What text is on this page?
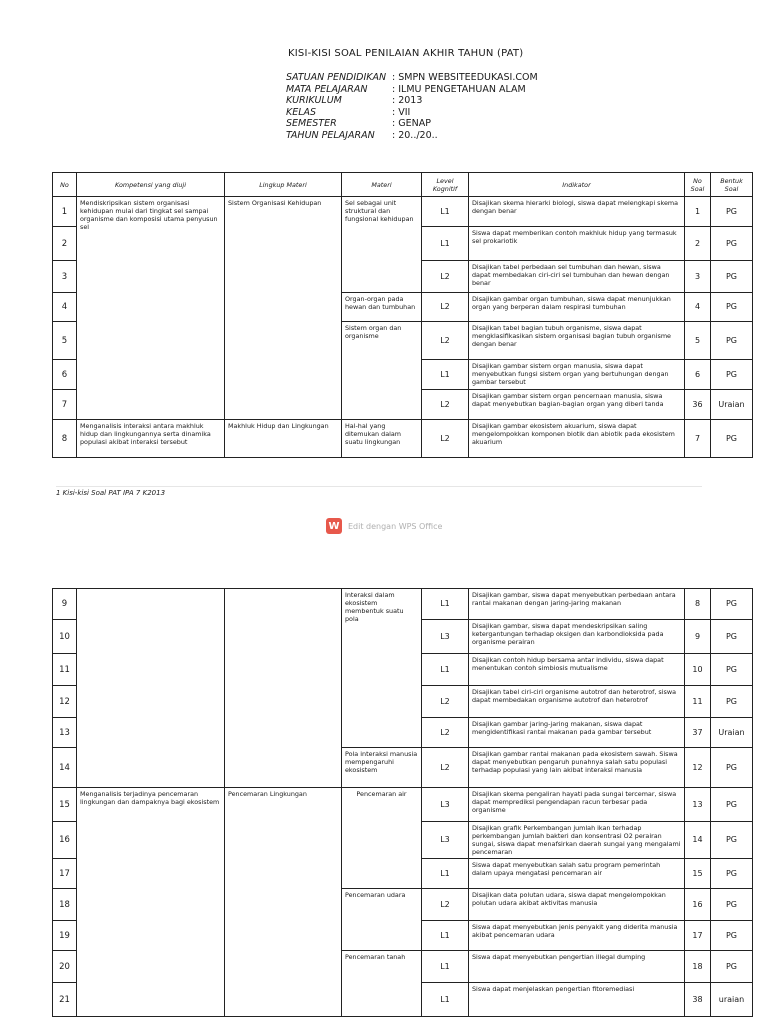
KISI-KISI SOAL PENILAIAN AKHIR TAHUN (PAT)
SATUAN PENDIDIKAN : SMPN WEBSITEEDUKASI.COM
MATA PELAJARAN	: ILMU PENGETAHUAN ALAM
KURIKULUM	: 2013
KELAS	: VII
SEMESTER	: GENAP
TAHUN PELAJARAN	: 20../20..
No	Kompetensi yang diuji	Lingkup Materi	Materi	Level Kognitif	Indikator	No Soal	Bentuk Soal
1	Mendiskripsikan sistem organisasi kehidupan mulai dari tingkat sel sampai organisme dan komposisi utama penyusun sel	Sistem Organisasi Kehidupan	Sel sebagai unit struktural dan fungsional kehidupan	L1	Disajikan skema hierarki biologi, siswa dapat melengkapi skema dengan benar	1	PG
2				L1	Siswa dapat memberikan contoh makhluk hidup yang termasuk sel prokariotik	2	PG
3				L2	Disajikan tabel perbedaan sel tumbuhan dan hewan, siswa dapat membedakan ciri-ciri sel tumbuhan dan hewan dengan benar	3	PG
4			Organ-organ pada hewan dan tumbuhan	L2	Disajikan gambar organ tumbuhan, siswa dapat menunjukkan organ yang berperan dalam respirasi tumbuhan	4	PG
5			Sistem organ dan organisme	L2	Disajikan tabel bagian tubuh organisme, siswa dapat mengklasifikasikan sistem organisasi bagian tubuh organisme dengan benar	5	PG
6				L1	Disajikan gambar sistem organ manusia, siswa dapat menyebutkan fungsi sistem organ yang bertuhungan dengan gambar tersebut	6	PG
7				L2	Disajikan gambar sistem organ pencernaan manusia, siswa dapat menyebutkan bagian-bagian organ yang diberi tanda	36	Uraian
8	Menganalisis interaksi antara makhluk hidup dan lingkungannya serta dinamika populasi akibat interaksi tersebut	Makhluk Hidup dan Lingkungan	Hal-hal yang ditemukan dalam suatu lingkungan	L2	Disajikan gambar ekosistem akuarium, siswa dapat mengelompokkan komponen biotik dan abiotik pada ekosistem akuarium	7	PG
1 Kisi-kisi Soal PAT IPA 7 K2013
W	Edit dengan WPS Office
9			Interaksi dalam ekosistem membentuk suatu pola	L1	Disajikan gambar, siswa dapat menyebutkan perbedaan antara rantai makanan dengan jaring-jaring makanan	8	PG
10				L3	Disajikan gambar, siswa dapat mendeskripsikan saling ketergantungan terhadap oksigen dan karbondioksida pada organisme perairan	9	PG
11				L1	Disajikan contoh hidup bersama antar individu, siswa dapat menentukan contoh simbiosis mutualisme	10	PG
12				L2	Disajikan tabel ciri-ciri organisme autotrof dan heterotrof, siswa dapat membedakan organisme autotrof dan heterotrof	11	PG
13				L2	Disajikan gambar jaring-jaring makanan, siswa dapat mengidentifikasi rantai makanan pada gambar tersebut	37	Uraian
14			Pola interaksi manusia mempengaruhi ekosistem	L2	Disajikan gambar rantai makanan pada ekosistem sawah. Siswa dapat menyebutkan pengaruh punahnya salah satu populasi terhadap populasi yang lain akibat interaksi manusia	12	PG
15	Menganalisis terjadinya pencemaran lingkungan dan dampaknya bagi ekosistem	Pencemaran Lingkungan	Pencemaran air	L3	Disajikan skema pengaliran hayati pada sungai tercemar, siswa dapat memprediksi pengendapan racun terbesar pada organisme	13	PG
16				L3	Disajikan grafik Perkembangan jumlah ikan terhadap perkembangan jumlah bakteri dan konsentrasi O2 perairan sungai, siswa dapat menafsirkan daerah sungai yang mengalami pencemaran	14	PG
17				L1	Siswa dapat menyebutkan salah satu program pemerintah dalam upaya mengatasi pencemaran air	15	PG
18			Pencemaran udara	L2	Disajikan data polutan udara, siswa dapat mengelompokkan polutan udara akibat aktivitas manusia	16	PG
19				L1	Siswa dapat menyebutkan jenis penyakit yang diderita manusia akibat pencemaran udara	17	PG
20			Pencemaran tanah	L1	Siswa dapat menyebutkan pengertian illegal dumping	18	PG
21				L1	Siswa dapat menjelaskan pengertian fitoremediasi	38	uraian
